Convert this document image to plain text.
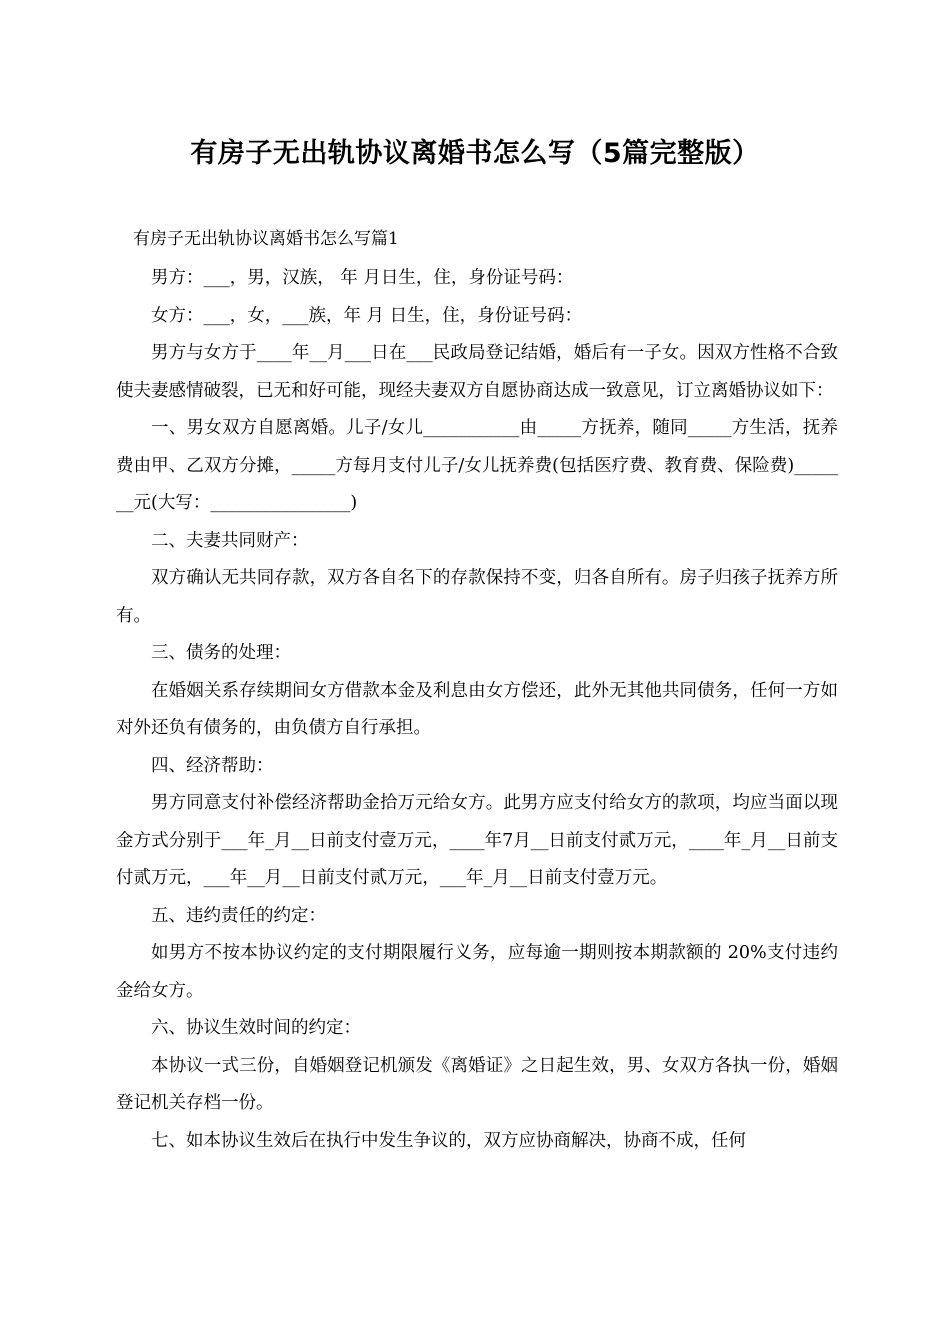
有房子无出轨协议离婚书怎么写（5篇完整版）
有房子无出轨协议离婚书怎么写篇1

男方：___，男，汉族， 年 月日生，住，身份证号码：

女方：___，女，___族，年 月 日生，住，身份证号码：

男方与女方于____年__月___日在___民政局登记结婚，婚后有一子女。因双方性格不合致使夫妻感情破裂，已无和好可能，现经夫妻双方自愿协商达成一致意见，订立离婚协议如下：

一、男女双方自愿离婚。儿子/女儿___________由_____方抚养，随同_____方生活，抚养费由甲、乙双方分摊，_____方每月支付儿子/女儿抚养费(包括医疗费、教育费、保险费)_______元(大写：________________)

二、夫妻共同财产：

双方确认无共同存款，双方各自名下的存款保持不变，归各自所有。房子归孩子抚养方所有。

三、债务的处理：

在婚姻关系存续期间女方借款本金及利息由女方偿还，此外无其他共同债务，任何一方如对外还负有债务的，由负债方自行承担。

四、经济帮助：

男方同意支付补偿经济帮助金拾万元给女方。此男方应支付给女方的款项，均应当面以现金方式分别于___年_月__日前支付壹万元，____年7月__日前支付贰万元，____年_月__日前支付贰万元，___年__月__日前支付贰万元，___年_月__日前支付壹万元。

五、违约责任的约定：

如男方不按本协议约定的支付期限履行义务，应每逾一期则按本期款额的 20%支付违约金给女方。

六、协议生效时间的约定：

本协议一式三份，自婚姻登记机颁发《离婚证》之日起生效，男、女双方各执一份，婚姻登记机关存档一份。

七、如本协议生效后在执行中发生争议的，双方应协商解决，协商不成，任何
